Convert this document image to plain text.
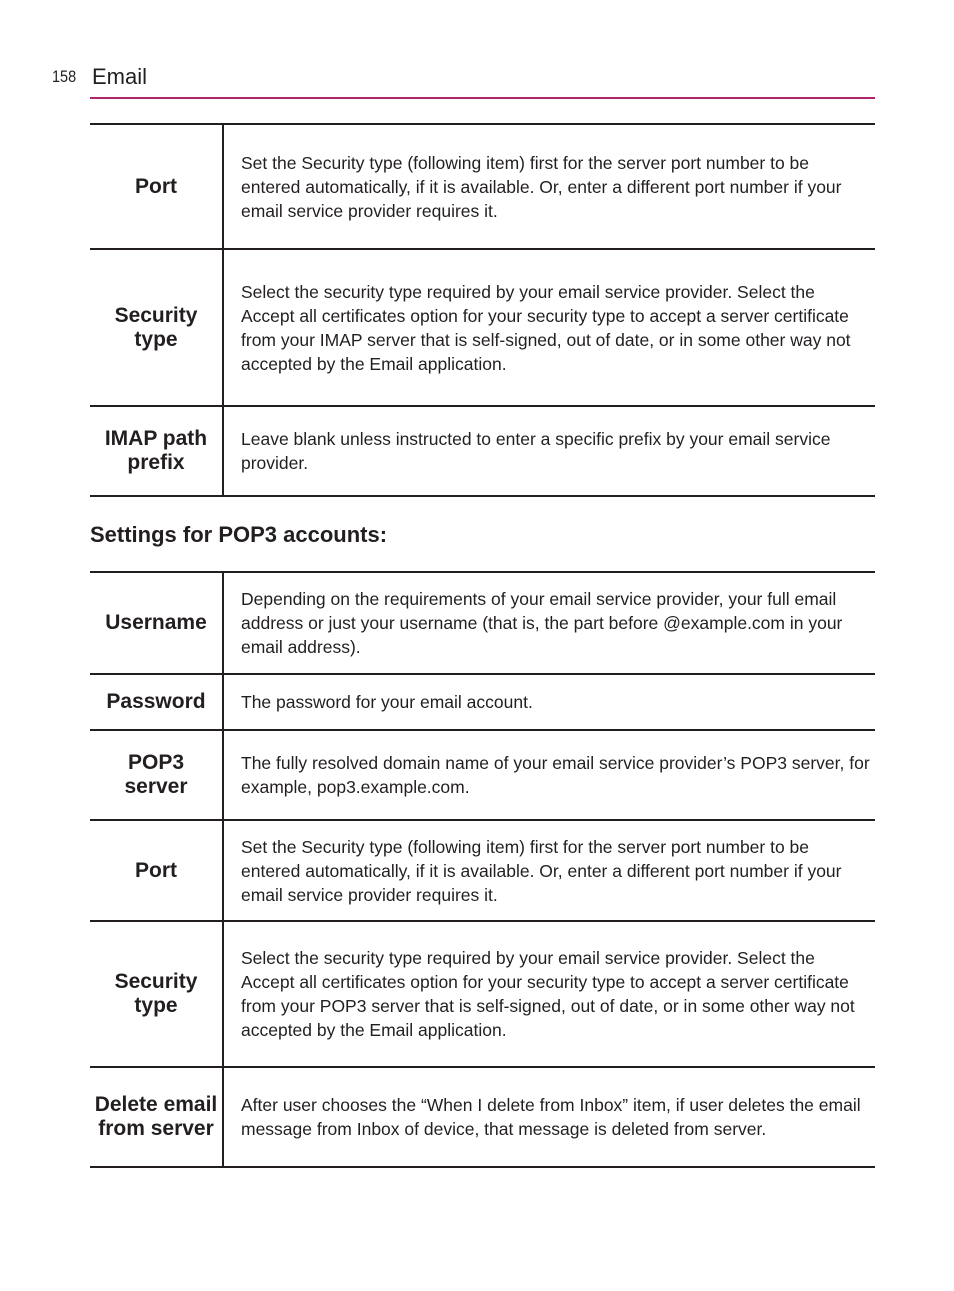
158 Email
Port	Set the Security type (following item) first for the server port number to be entered automatically, if it is available. Or, enter a different port number if your email service provider requires it.
Security type	Select the security type required by your email service provider. Select the Accept all certificates option for your security type to accept a server certificate from your IMAP server that is self-signed, out of date, or in some other way not accepted by the Email application.
IMAP path prefix	Leave blank unless instructed to enter a specific prefix by your email service provider.
Settings for POP3 accounts:
Username	Depending on the requirements of your email service provider, your full email address or just your username (that is, the part before @example.com in your email address).
Password	The password for your email account.
POP3 server	The fully resolved domain name of your email service provider’s POP3 server, for example, pop3.example.com.
Port	Set the Security type (following item) first for the server port number to be entered automatically, if it is available. Or, enter a different port number if your email service provider requires it.
Security type	Select the security type required by your email service provider. Select the Accept all certificates option for your security type to accept a server certificate from your POP3 server that is self-signed, out of date, or in some other way not accepted by the Email application.
Delete email from server	After user chooses the “When I delete from Inbox” item, if user deletes the email message from Inbox of device, that message is deleted from server.
